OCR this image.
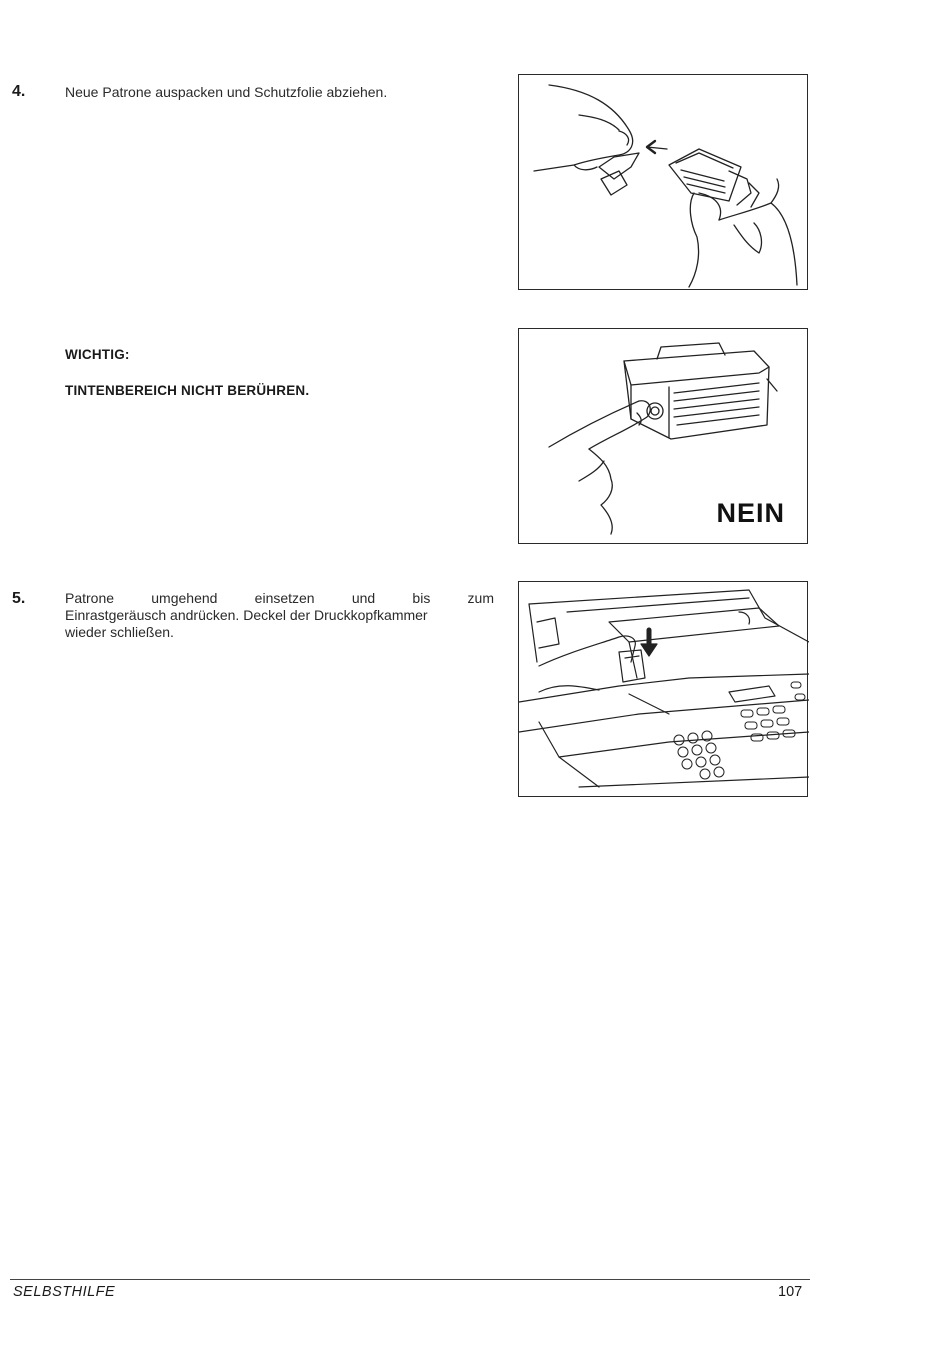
4.	Neue Patrone auspacken und Schutzfolie abziehen.
WICHTIG:
TINTENBEREICH NICHT BERÜHREN.
NEIN
5.	Patrone umgehend einsetzen und bis zum
Einrastgeräusch andrücken. Deckel der Druckkopfkammer
wieder schließen.
SELBSTHILFE	107
